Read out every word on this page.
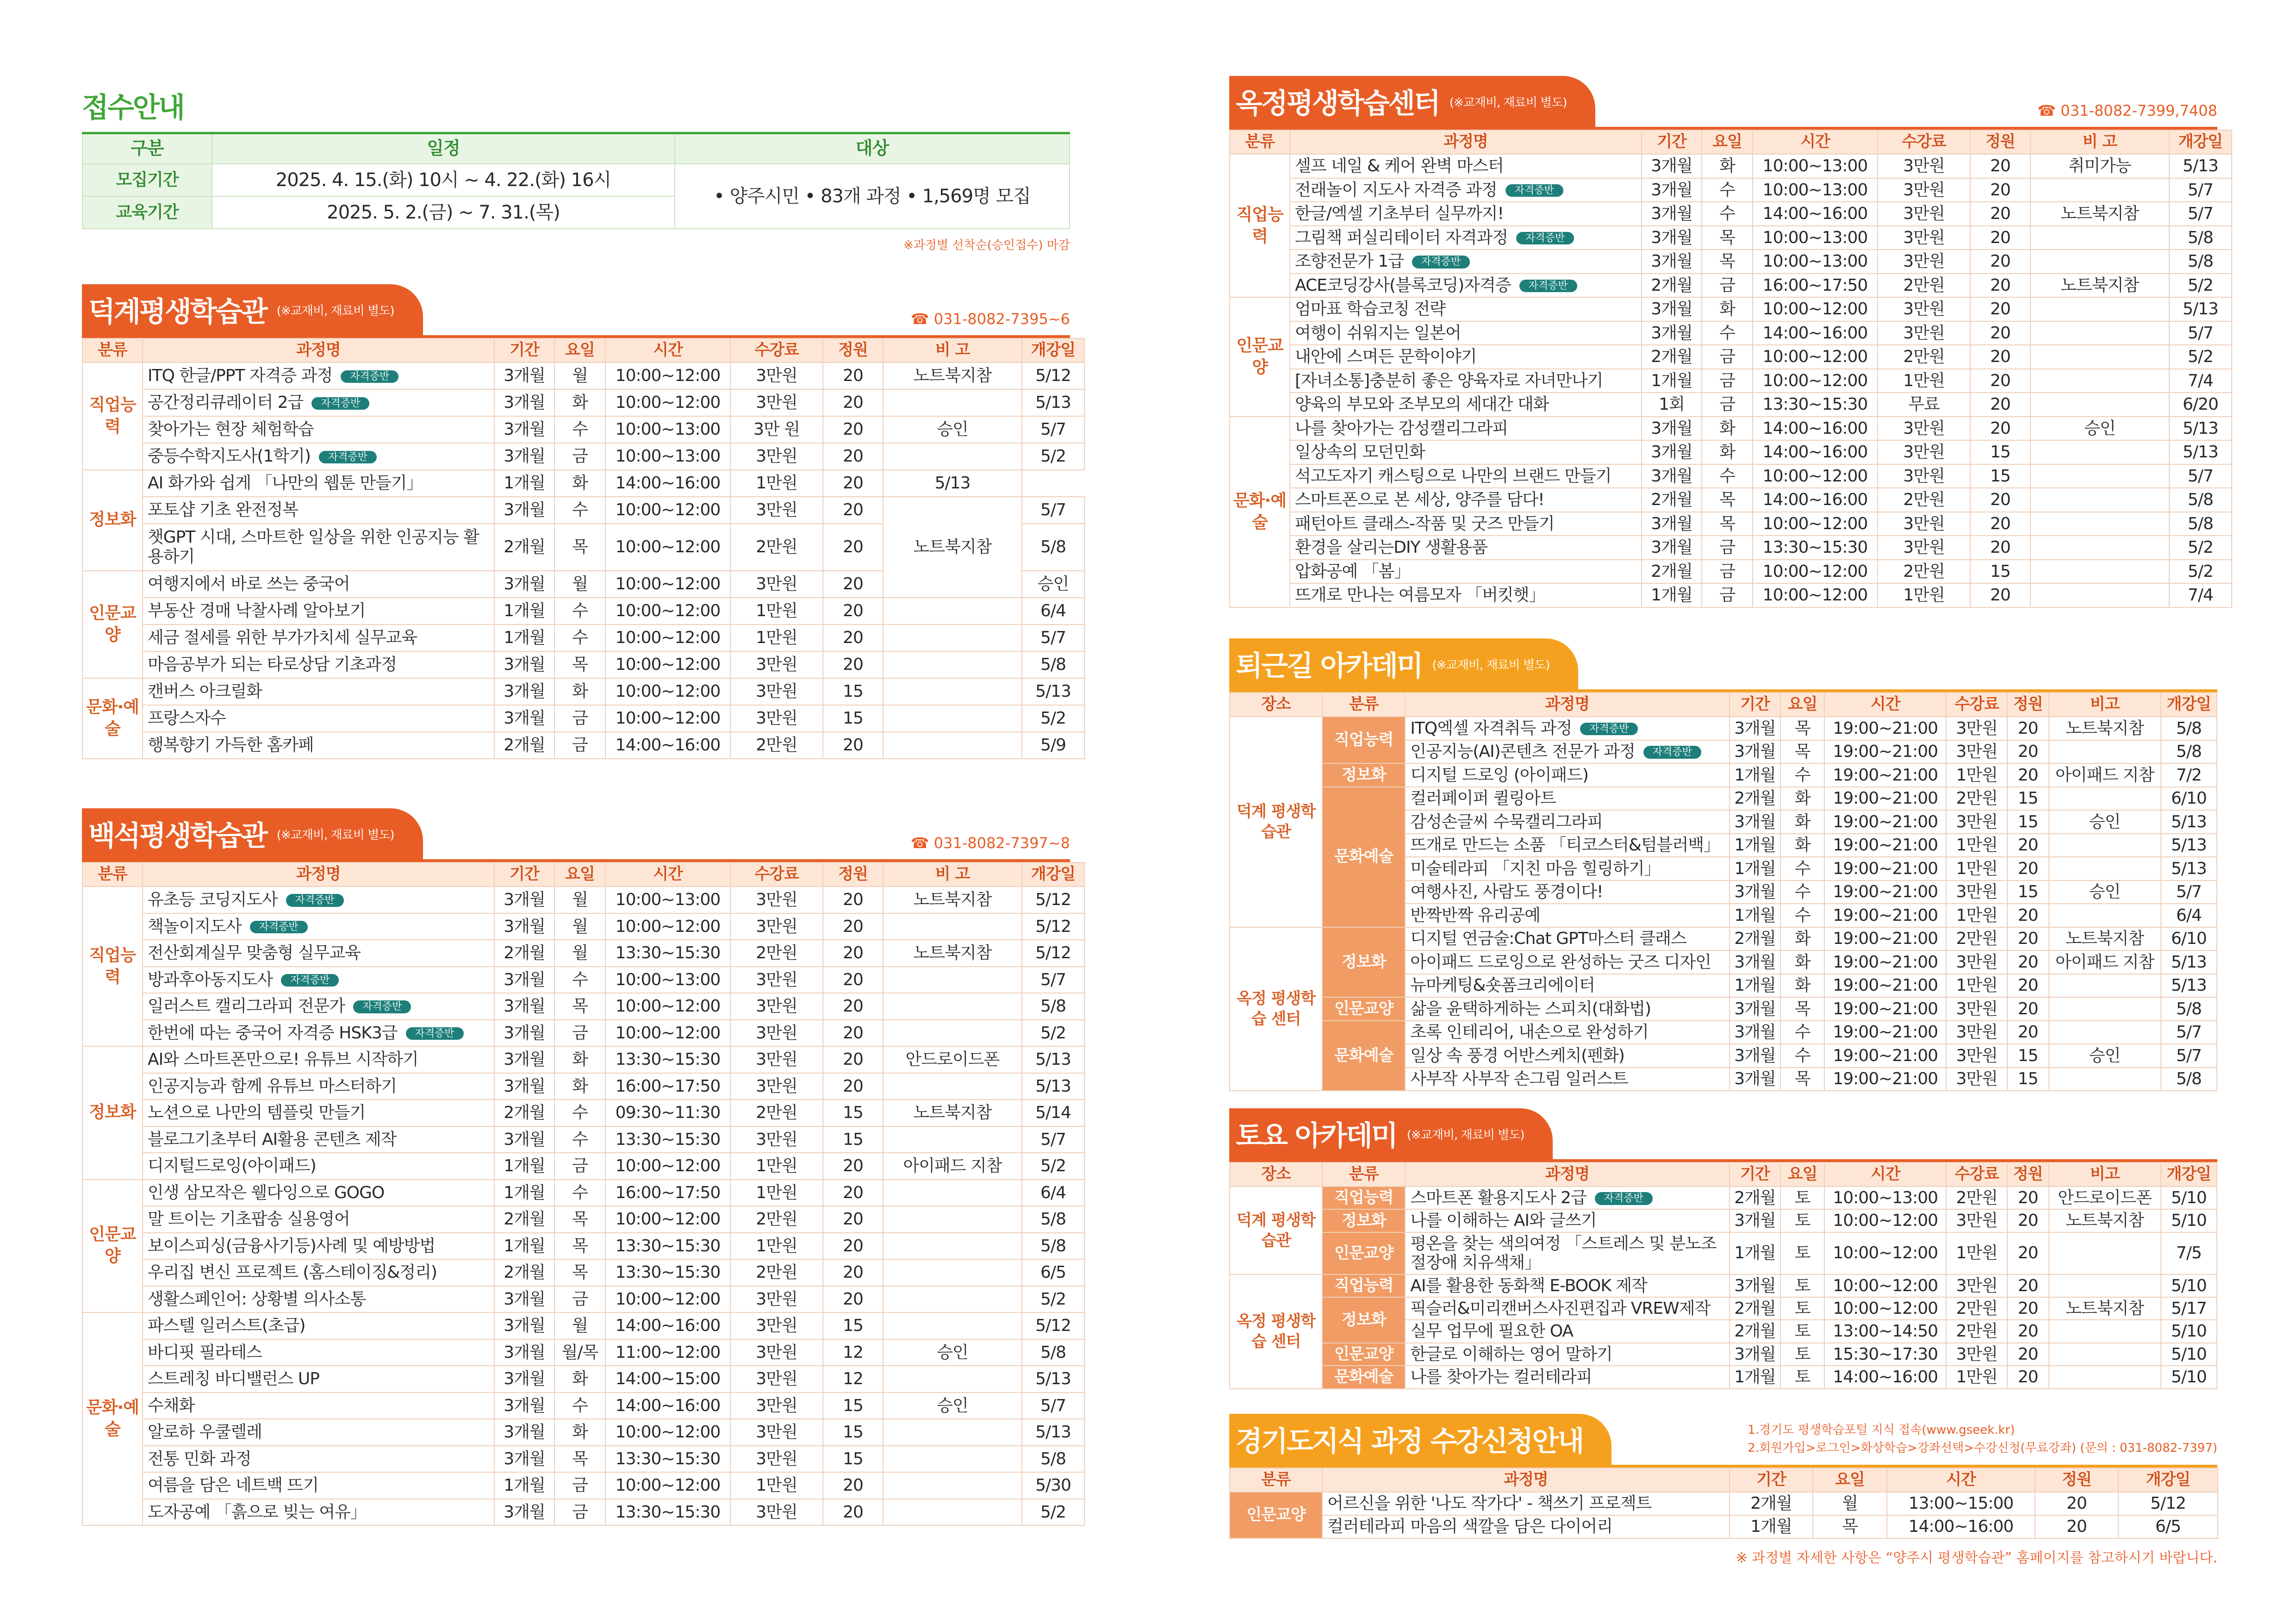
접수안내
구분	일정	대상
모집기간	2025. 4. 15.(화) 10시 ~ 4. 22.(화) 16시	• 양주시민 • 83개 과정 • 1,569명 모집
교육기간	2025. 5. 2.(금) ~ 7. 31.(목)	
※과정별 선착순(승인접수) 마감
덕계평생학습관 (※교재비, 재료비 별도)	☎ 031-8082-7395~6
분류	과정명	기간	요일	시간	수강료	정원	비 고	개강일	
직업능력	ITQ 한글/PPT 자격증 과정 자격증반	3개월	월	10:00~12:00	3만원	20	노트북지참	5/12	
	공간정리큐레이터 2급 자격증반	3개월	화	10:00~12:00	3만원	20		5/13	
	찾아가는 현장 체험학습	3개월	수	10:00~13:00	3만 원	20	승인	5/7	
	중등수학지도사(1학기) 자격증반	3개월	금	10:00~13:00	3만원	20		5/2	
정보화	AI 화가와 쉽게 「나만의 웹툰 만들기」	1개월	화	14:00~16:00	1만원	20	5/13		
	포토샵 기초 완전정복	3개월	수	10:00~12:00	3만원	20	노트북지참	5/7	
	챗GPT 시대, 스마트한 일상을 위한 인공지능 활용하기	2개월	목	10:00~12:00	2만원	20		5/8	
인문교양	여행지에서 바로 쓰는 중국어	3개월	월	10:00~12:00	3만원	20		승인	
	부동산 경매 낙찰사례 알아보기	1개월	수	10:00~12:00	1만원	20		6/4	
	세금 절세를 위한 부가가치세 실무교육	1개월	수	10:00~12:00	1만원	20		5/7	
	마음공부가 되는 타로상담 기초과정	3개월	목	10:00~12:00	3만원	20		5/8	
문화·예술	캔버스 아크릴화	3개월	화	10:00~12:00	3만원	15		5/13	
	프랑스자수	3개월	금	10:00~12:00	3만원	15		5/2	
	행복향기 가득한 홈카페	2개월	금	14:00~16:00	2만원	20		5/9	
백석평생학습관 (※교재비, 재료비 별도)	☎ 031-8082-7397~8
분류	과정명	기간	요일	시간	수강료	정원	비 고	개강일
직업능력	유초등 코딩지도사 자격증반	3개월	월	10:00~13:00	3만원	20	노트북지참	5/12
	책놀이지도사 자격증반	3개월	월	10:00~12:00	3만원	20		5/12
	전산회계실무 맞춤형 실무교육	2개월	월	13:30~15:30	2만원	20	노트북지참	5/12
	방과후아동지도사 자격증반	3개월	수	10:00~13:00	3만원	20		5/7
	일러스트 캘리그라피 전문가 자격증반	3개월	목	10:00~12:00	3만원	20		5/8
	한번에 따는 중국어 자격증 HSK3급 자격증반	3개월	금	10:00~12:00	3만원	20		5/2
정보화	AI와 스마트폰만으로! 유튜브 시작하기	3개월	화	13:30~15:30	3만원	20	안드로이드폰	5/13
	인공지능과 함께 유튜브 마스터하기	3개월	화	16:00~17:50	3만원	20		5/13
	노션으로 나만의 템플릿 만들기	2개월	수	09:30~11:30	2만원	15	노트북지참	5/14
	블로그기초부터 AI활용 콘텐츠 제작	3개월	수	13:30~15:30	3만원	15		5/7
	디지털드로잉(아이패드)	1개월	금	10:00~12:00	1만원	20	아이패드 지참	5/2
인문교양	인생 삼모작은 웰다잉으로 GOGO	1개월	수	16:00~17:50	1만원	20		6/4
	말 트이는 기초팝송 실용영어	2개월	목	10:00~12:00	2만원	20		5/8
	보이스피싱(금융사기등)사례 및 예방방법	1개월	목	13:30~15:30	1만원	20		5/8
	우리집 변신 프로젝트 (홈스테이징&정리)	2개월	목	13:30~15:30	2만원	20		6/5
	생활스페인어: 상황별 의사소통	3개월	금	10:00~12:00	3만원	20		5/2
문화·예술	파스텔 일러스트(초급)	3개월	월	14:00~16:00	3만원	15		5/12
	바디핏 필라테스	3개월	월/목	11:00~12:00	3만원	12	승인	5/8
	스트레칭 바디밸런스 UP	3개월	화	14:00~15:00	3만원	12		5/13
	수채화	3개월	수	14:00~16:00	3만원	15	승인	5/7
	알로하 우쿨렐레	3개월	화	10:00~12:00	3만원	15		5/13
	전통 민화 과정	3개월	목	13:30~15:30	3만원	15		5/8
	여름을 담은 네트백 뜨기	1개월	금	10:00~12:00	1만원	20		5/30
	도자공예 「흙으로 빚는 여유」	3개월	금	13:30~15:30	3만원	20		5/2
옥정평생학습센터 (※교재비, 재료비 별도)	☎ 031-8082-7399,7408
분류	과정명	기간	요일	시간	수강료	정원	비 고	개강일
직업능력	셀프 네일 & 케어 완벽 마스터	3개월	화	10:00~13:00	3만원	20	취미가능	5/13
	전래놀이 지도사 자격증 과정 자격증반	3개월	수	10:00~13:00	3만원	20		5/7
	한글/엑셀 기초부터 실무까지!	3개월	수	14:00~16:00	3만원	20	노트북지참	5/7
	그림책 퍼실리테이터 자격과정 자격증반	3개월	목	10:00~13:00	3만원	20		5/8
	조향전문가 1급 자격증반	3개월	목	10:00~13:00	3만원	20		5/8
	ACE코딩강사(블록코딩)자격증 자격증반	2개월	금	16:00~17:50	2만원	20	노트북지참	5/2
인문교양	엄마표 학습코칭 전략	3개월	화	10:00~12:00	3만원	20		5/13
	여행이 쉬워지는 일본어	3개월	수	14:00~16:00	3만원	20		5/7
	내안에 스며든 문학이야기	2개월	금	10:00~12:00	2만원	20		5/2
	[자녀소통]충분히 좋은 양육자로 자녀만나기	1개월	금	10:00~12:00	1만원	20		7/4
	양육의 부모와 조부모의 세대간 대화	1회	금	13:30~15:30	무료	20		6/20
문화·예술	나를 찾아가는 감성캘리그라피	3개월	화	14:00~16:00	3만원	20	승인	5/13
	일상속의 모던민화	3개월	화	14:00~16:00	3만원	15		5/13
	석고도자기 캐스팅으로 나만의 브랜드 만들기	3개월	수	10:00~12:00	3만원	15		5/7
	스마트폰으로 본 세상, 양주를 담다!	2개월	목	14:00~16:00	2만원	20		5/8
	패턴아트 클래스-작품 및 굿즈 만들기	3개월	목	10:00~12:00	3만원	20		5/8
	환경을 살리는DIY 생활용품	3개월	금	13:30~15:30	3만원	20		5/2
	압화공예 「봄」	2개월	금	10:00~12:00	2만원	15		5/2
	뜨개로 만나는 여름모자 「버킷햇」	1개월	금	10:00~12:00	1만원	20		7/4
퇴근길 아카데미 (※교재비, 재료비 별도)
장소	분류	과정명	기간	요일	시간	수강료	정원	비고	개강일
덕계 평생학습관	직업능력	ITQ엑셀 자격취득 과정 자격증반	3개월	목	19:00~21:00	3만원	20	노트북지참	5/8
		인공지능(AI)콘텐츠 전문가 과정 자격증반	3개월	목	19:00~21:00	3만원	20		5/8
	정보화	디지털 드로잉 (아이패드)	1개월	수	19:00~21:00	1만원	20	아이패드 지참	7/2
	문화예술	컬러페이퍼 퀼링아트	2개월	화	19:00~21:00	2만원	15		6/10
		감성손글씨 수묵캘리그라피	3개월	화	19:00~21:00	3만원	15	승인	5/13
		뜨개로 만드는 소품 「티코스터&텀블러백」	1개월	화	19:00~21:00	1만원	20		5/13
		미술테라피 「지친 마음 힐링하기」	1개월	수	19:00~21:00	1만원	20		5/13
		여행사진, 사람도 풍경이다!	3개월	수	19:00~21:00	3만원	15	승인	5/7
		반짝반짝 유리공예	1개월	수	19:00~21:00	1만원	20		6/4
옥정 평생학습 센터	정보화	디지털 연금술:Chat GPT마스터 클래스	2개월	화	19:00~21:00	2만원	20	노트북지참	6/10
		아이패드 드로잉으로 완성하는 굿즈 디자인	3개월	화	19:00~21:00	3만원	20	아이패드 지참	5/13
		뉴마케팅&숏폼크리에이터	1개월	화	19:00~21:00	1만원	20		5/13
	인문교양	삶을 윤택하게하는 스피치(대화법)	3개월	목	19:00~21:00	3만원	20		5/8
	문화예술	초록 인테리어, 내손으로 완성하기	3개월	수	19:00~21:00	3만원	20		5/7
		일상 속 풍경 어반스케치(펜화)	3개월	수	19:00~21:00	3만원	15	승인	5/7
		사부작 사부작 손그림 일러스트	3개월	목	19:00~21:00	3만원	15		5/8
토요 아카데미 (※교재비, 재료비 별도)
장소	분류	과정명	기간	요일	시간	수강료	정원	비고	개강일
덕계 평생학습관	직업능력	스마트폰 활용지도사 2급 자격증반	2개월	토	10:00~13:00	2만원	20	안드로이드폰	5/10
	정보화	나를 이해하는 AI와 글쓰기	3개월	토	10:00~12:00	3만원	20	노트북지참	5/10
	인문교양	평온을 찾는 색의여정 「스트레스 및 분노조절장애 치유색채」	1개월	토	10:00~12:00	1만원	20		7/5
옥정 평생학습 센터	직업능력	AI를 활용한 동화책 E-BOOK 제작	3개월	토	10:00~12:00	3만원	20		5/10
	정보화	픽슬러&미리캔버스사진편집과 VREW제작	2개월	토	10:00~12:00	2만원	20	노트북지참	5/17
		실무 업무에 필요한 OA	2개월	토	13:00~14:50	2만원	20		5/10
	인문교양	한글로 이해하는 영어 말하기	3개월	토	15:30~17:30	3만원	20		5/10
	문화예술	나를 찾아가는 컬러테라피	1개월	토	14:00~16:00	1만원	20		5/10
경기도지식 과정 수강신청안내	1.경기도 평생학습포털 지식 접속(www.gseek.kr)
2.회원가입>로그인>화상학습>강좌선택>수강신청(무료강좌) (문의 : 031-8082-7397)
분류	과정명	기간	요일	시간	정원	개강일
인문교양	어르신을 위한 '나도 작가다' - 책쓰기 프로젝트	2개월	월	13:00~15:00	20	5/12
	컬러테라피 마음의 색깔을 담은 다이어리	1개월	목	14:00~16:00	20	6/5
※ 과정별 자세한 사항은 “양주시 평생학습관” 홈페이지를 참고하시기 바랍니다.
